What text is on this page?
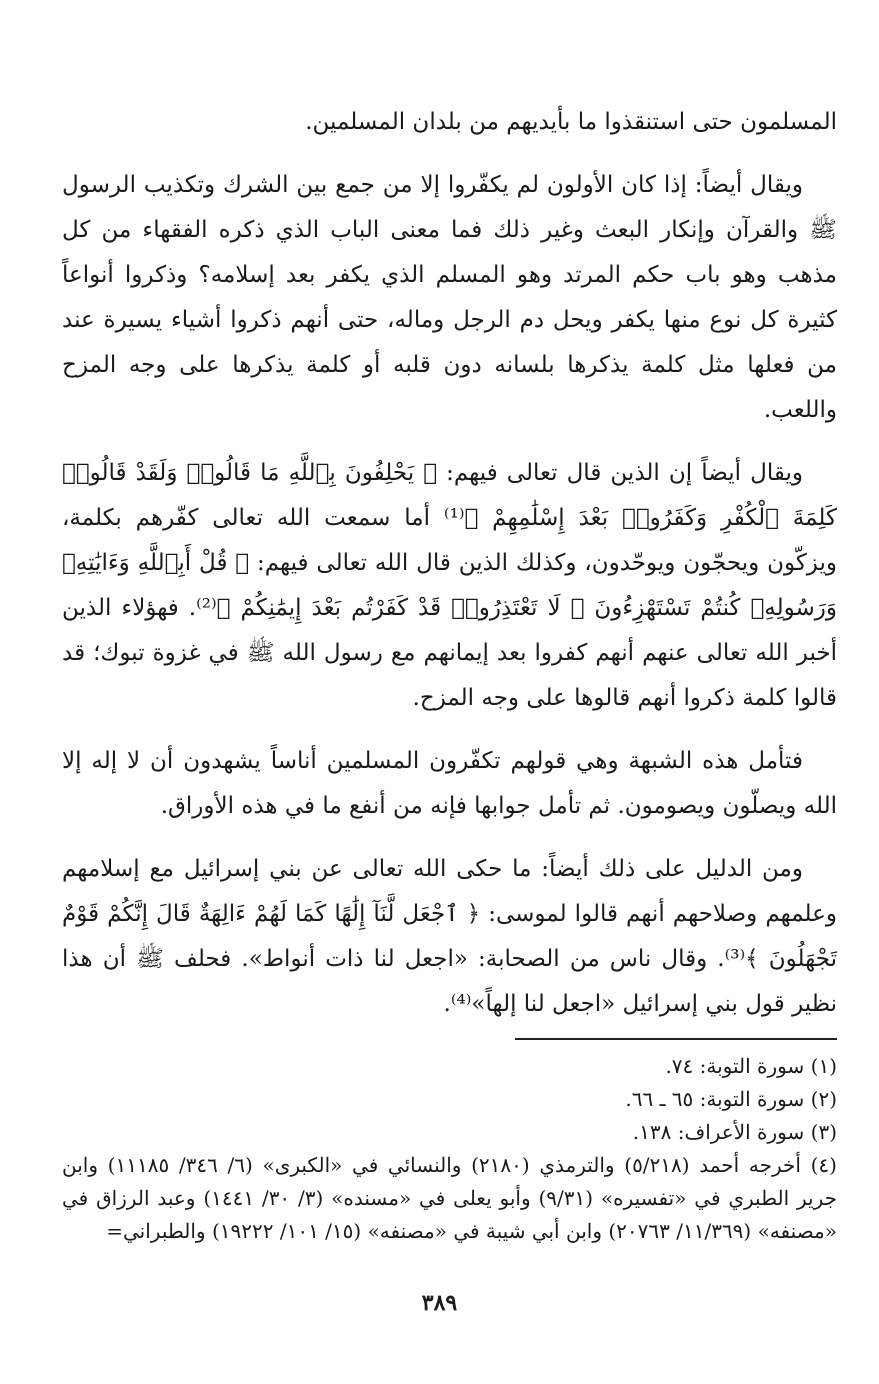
المسلمون حتى استنقذوا ما بأيديهم من بلدان المسلمين.

ويقال أيضاً: إذا كان الأولون لم يكفّروا إلا من جمع بين الشرك وتكذيب الرسول ﷺ والقرآن وإنكار البعث وغير ذلك فما معنى الباب الذي ذكره الفقهاء من كل مذهب وهو باب حكم المرتد وهو المسلم الذي يكفر بعد إسلامه؟ وذكروا أنواعاً كثيرة كل نوع منها يكفر ويحل دم الرجل وماله، حتى أنهم ذكروا أشياء يسيرة عند من فعلها مثل كلمة يذكرها بلسانه دون قلبه أو كلمة يذكرها على وجه المزح واللعب.

ويقال أيضاً إن الذين قال تعالى فيهم: ﴿ يَحْلِفُونَ بِٱللَّهِ مَا قَالُوا۟ وَلَقَدْ قَالُوا۟ كَلِمَةَ ٱلْكُفْرِ وَكَفَرُوا۟ بَعْدَ إِسْلَٰمِهِمْ ﴾⁽¹⁾ أما سمعت الله تعالى كفّرهم بكلمة، ويزكّون ويحجّون ويوحّدون، وكذلك الذين قال الله تعالى فيهم: ﴿ قُلْ أَبِٱللَّهِ وَءَايَٰتِهِۦ وَرَسُولِهِۦ كُنتُمْ تَسْتَهْزِءُونَ ۞ لَا تَعْتَذِرُوا۟ قَدْ كَفَرْتُم بَعْدَ إِيمَٰنِكُمْ ﴾⁽²⁾. فهؤلاء الذين أخبر الله تعالى عنهم أنهم كفروا بعد إيمانهم مع رسول الله ﷺ في غزوة تبوك؛ قد قالوا كلمة ذكروا أنهم قالوها على وجه المزح.

فتأمل هذه الشبهة وهي قولهم تكفّرون المسلمين أناساً يشهدون أن لا إله إلا الله ويصلّون ويصومون. ثم تأمل جوابها فإنه من أنفع ما في هذه الأوراق.

ومن الدليل على ذلك أيضاً: ما حكى الله تعالى عن بني إسرائيل مع إسلامهم وعلمهم وصلاحهم أنهم قالوا لموسى: ﴿ ٱجْعَل لَّنَآ إِلَٰهًا كَمَا لَهُمْ ءَالِهَةٌ قَالَ إِنَّكُمْ قَوْمٌ تَجْهَلُونَ ﴾⁽³⁾. وقال ناس من الصحابة: «اجعل لنا ذات أنواط». فحلف ﷺ أن هذا نظير قول بني إسرائيل «اجعل لنا إلهاً»⁽⁴⁾.

(١) سورة التوبة: ٧٤.

(٢) سورة التوبة: ٦٥ ـ ٦٦.

(٣) سورة الأعراف: ١٣٨.

(٤) أخرجه أحمد (٥/٢١٨) والترمذي (٢١٨٠) والنسائي في «الكبرى» (٦/ ٣٤٦/ ١١١٨٥) وابن جرير الطبري في «تفسيره» (٩/٣١) وأبو يعلى في «مسنده» (٣/ ٣٠/ ١٤٤١) وعبد الرزاق في «مصنفه» (١١/٣٦٩/ ٢٠٧٦٣) وابن أبي شيبة في «مصنفه» (١٥/ ١٠١/ ١٩٢٢٢) والطبراني=

٣٨٩
